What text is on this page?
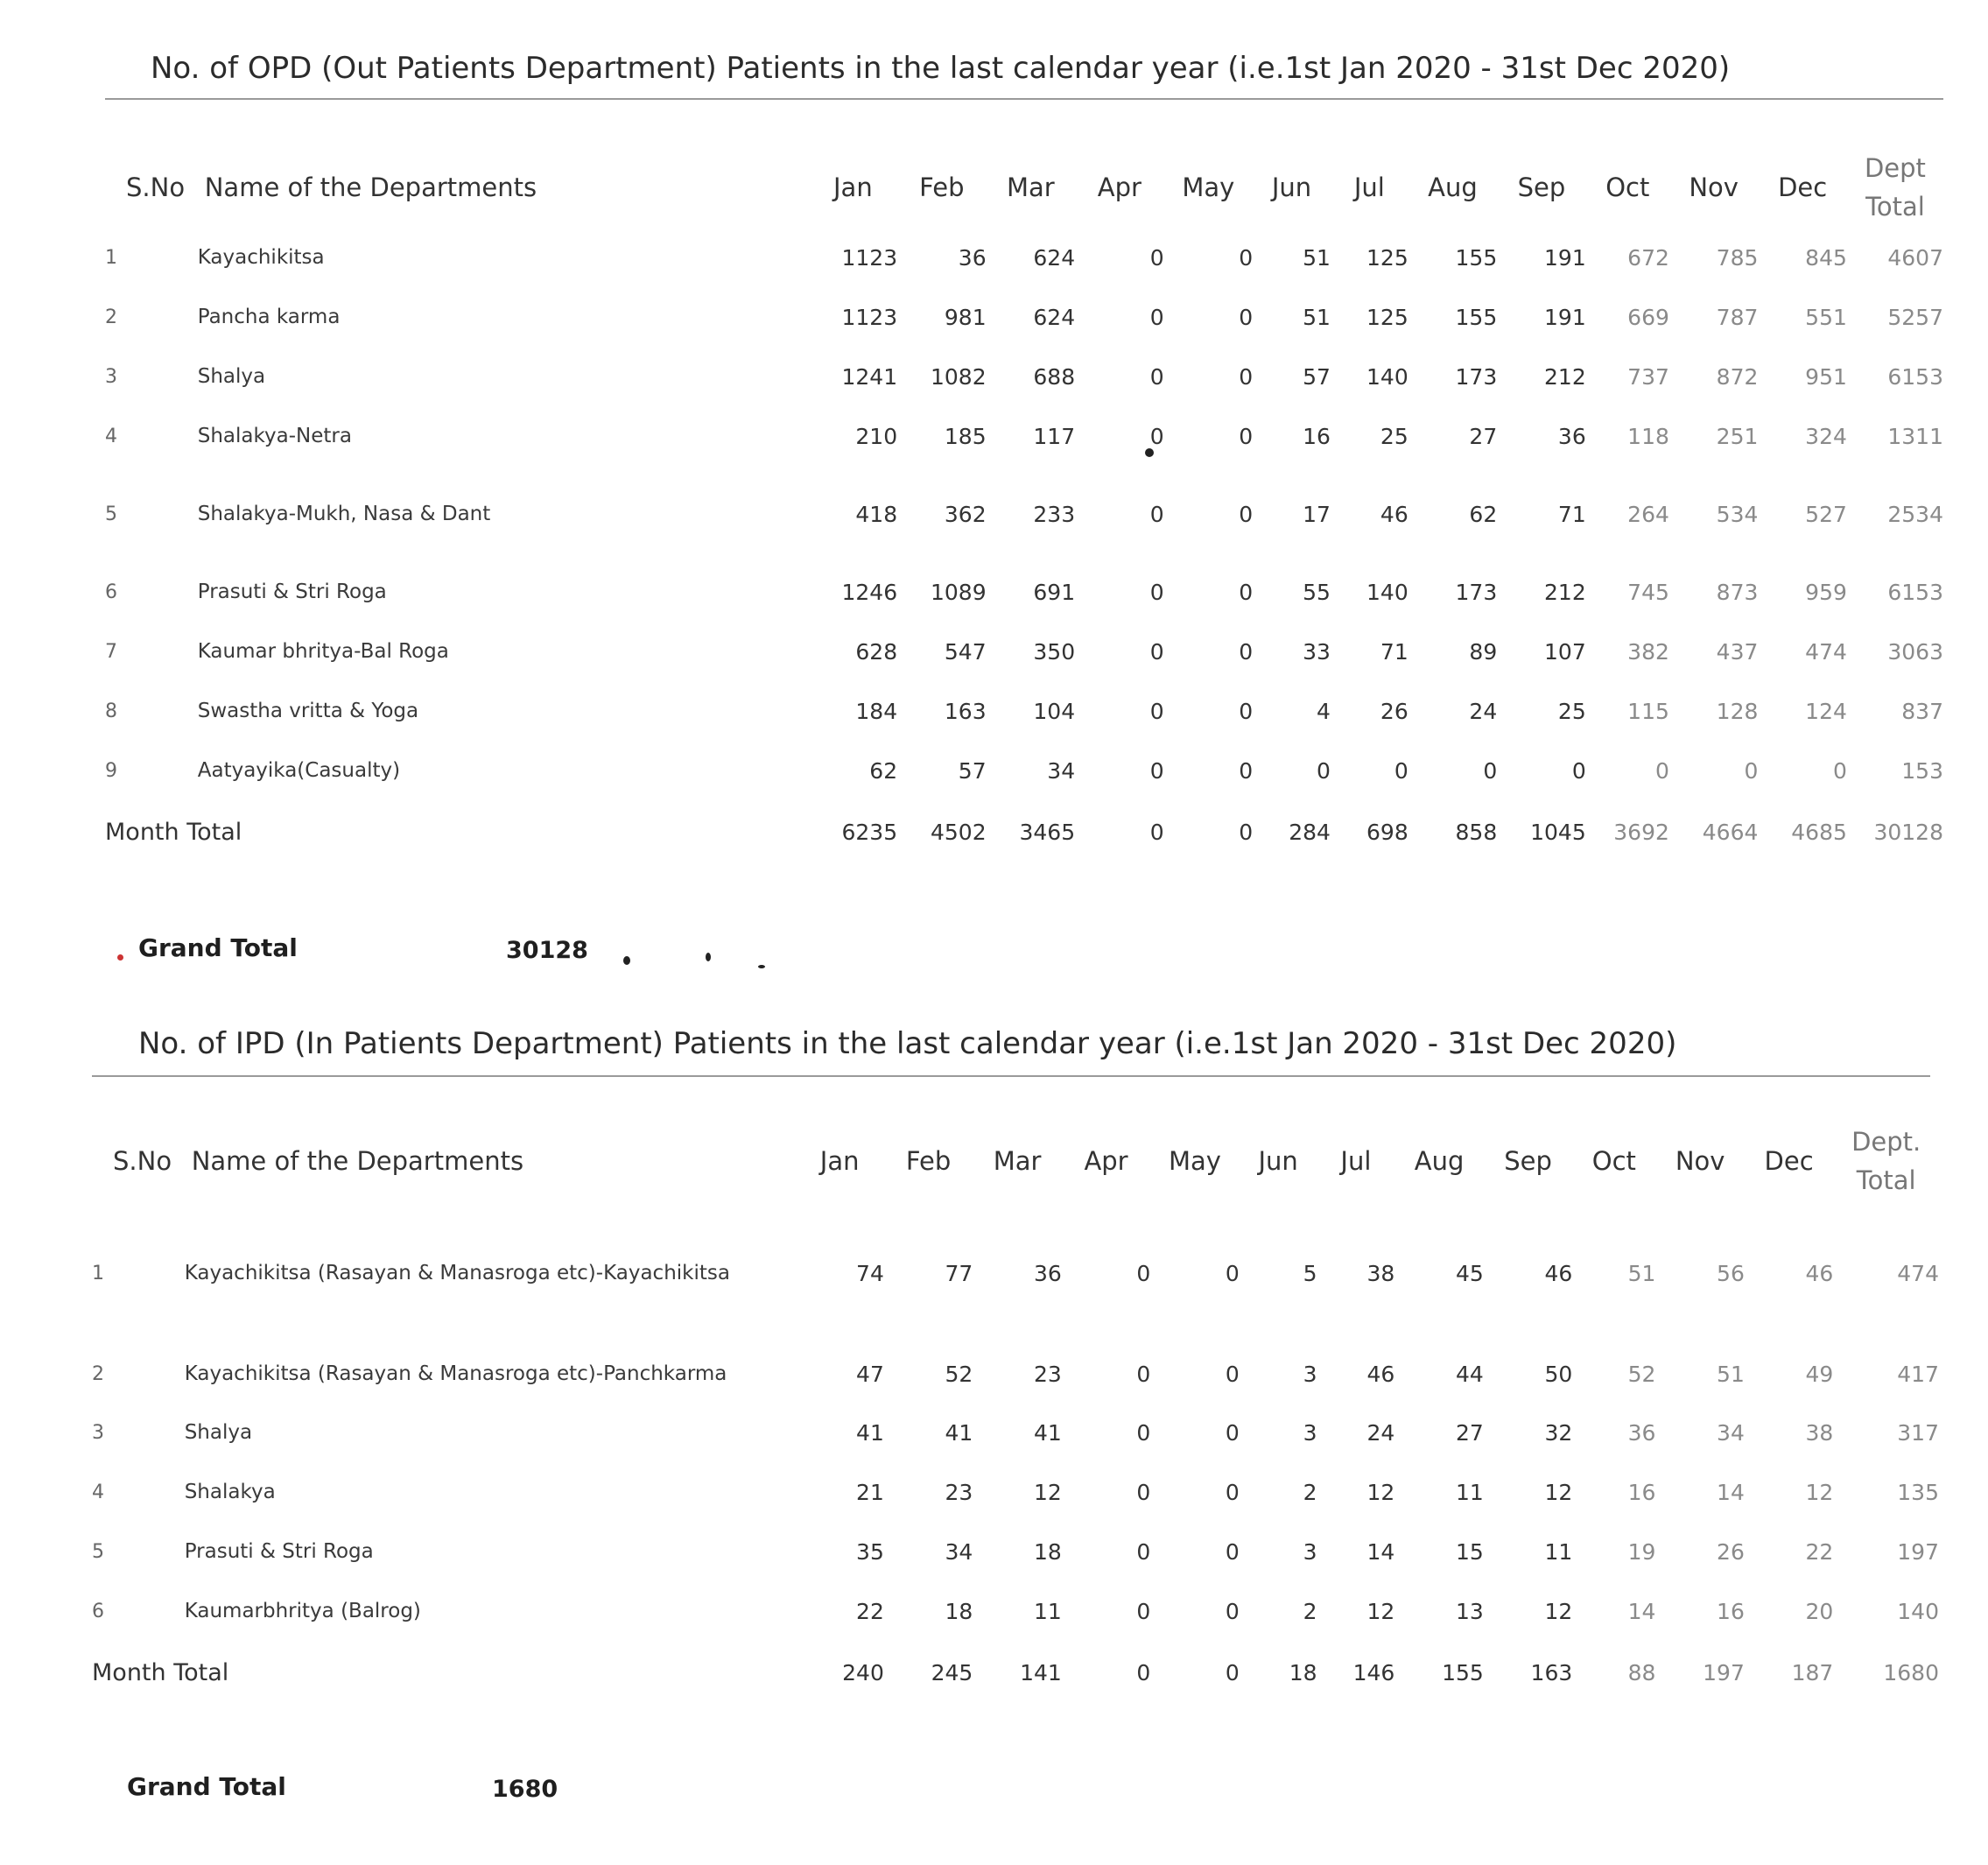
No. of OPD (Out Patients Department) Patients in the last calendar year (i.e.1st Jan 2020 - 31st Dec 2020)
S.No	Name of the Departments	Jan	Feb	Mar	Apr	May	Jun	Jul	Aug	Sep	Oct	Nov	Dec	Dept Total
1	Kayachikitsa	1123	36	624	0	0	51	125	155	191	672	785	845	4607
2	Pancha karma	1123	981	624	0	0	51	125	155	191	669	787	551	5257
3	Shalya	1241	1082	688	0	0	57	140	173	212	737	872	951	6153
4	Shalakya-Netra	210	185	117	0	0	16	25	27	36	118	251	324	1311
5	Shalakya-Mukh, Nasa & Dant	418	362	233	0	0	17	46	62	71	264	534	527	2534
6	Prasuti & Stri Roga	1246	1089	691	0	0	55	140	173	212	745	873	959	6153
7	Kaumar bhritya-Bal Roga	628	547	350	0	0	33	71	89	107	382	437	474	3063
8	Swastha vritta & Yoga	184	163	104	0	0	4	26	24	25	115	128	124	837
9	Aatyayika(Casualty)	62	57	34	0	0	0	0	0	0	0	0	0	153
Month Total		6235	4502	3465	0	0	284	698	858	1045	3692	4664	4685	30128
Grand Total	30128
No. of IPD (In Patients Department) Patients in the last calendar year (i.e.1st Jan 2020 - 31st Dec 2020)
S.No	Name of the Departments	Jan	Feb	Mar	Apr	May	Jun	Jul	Aug	Sep	Oct	Nov	Dec	Dept. Total
1	Kayachikitsa (Rasayan & Manasroga etc)-Kayachikitsa	74	77	36	0	0	5	38	45	46	51	56	46	474
2	Kayachikitsa (Rasayan & Manasroga etc)-Panchkarma	47	52	23	0	0	3	46	44	50	52	51	49	417
3	Shalya	41	41	41	0	0	3	24	27	32	36	34	38	317
4	Shalakya	21	23	12	0	0	2	12	11	12	16	14	12	135
5	Prasuti & Stri Roga	35	34	18	0	0	3	14	15	11	19	26	22	197
6	Kaumarbhritya (Balrog)	22	18	11	0	0	2	12	13	12	14	16	20	140
Month Total		240	245	141	0	0	18	146	155	163	88	197	187	1680
Grand Total	1680
